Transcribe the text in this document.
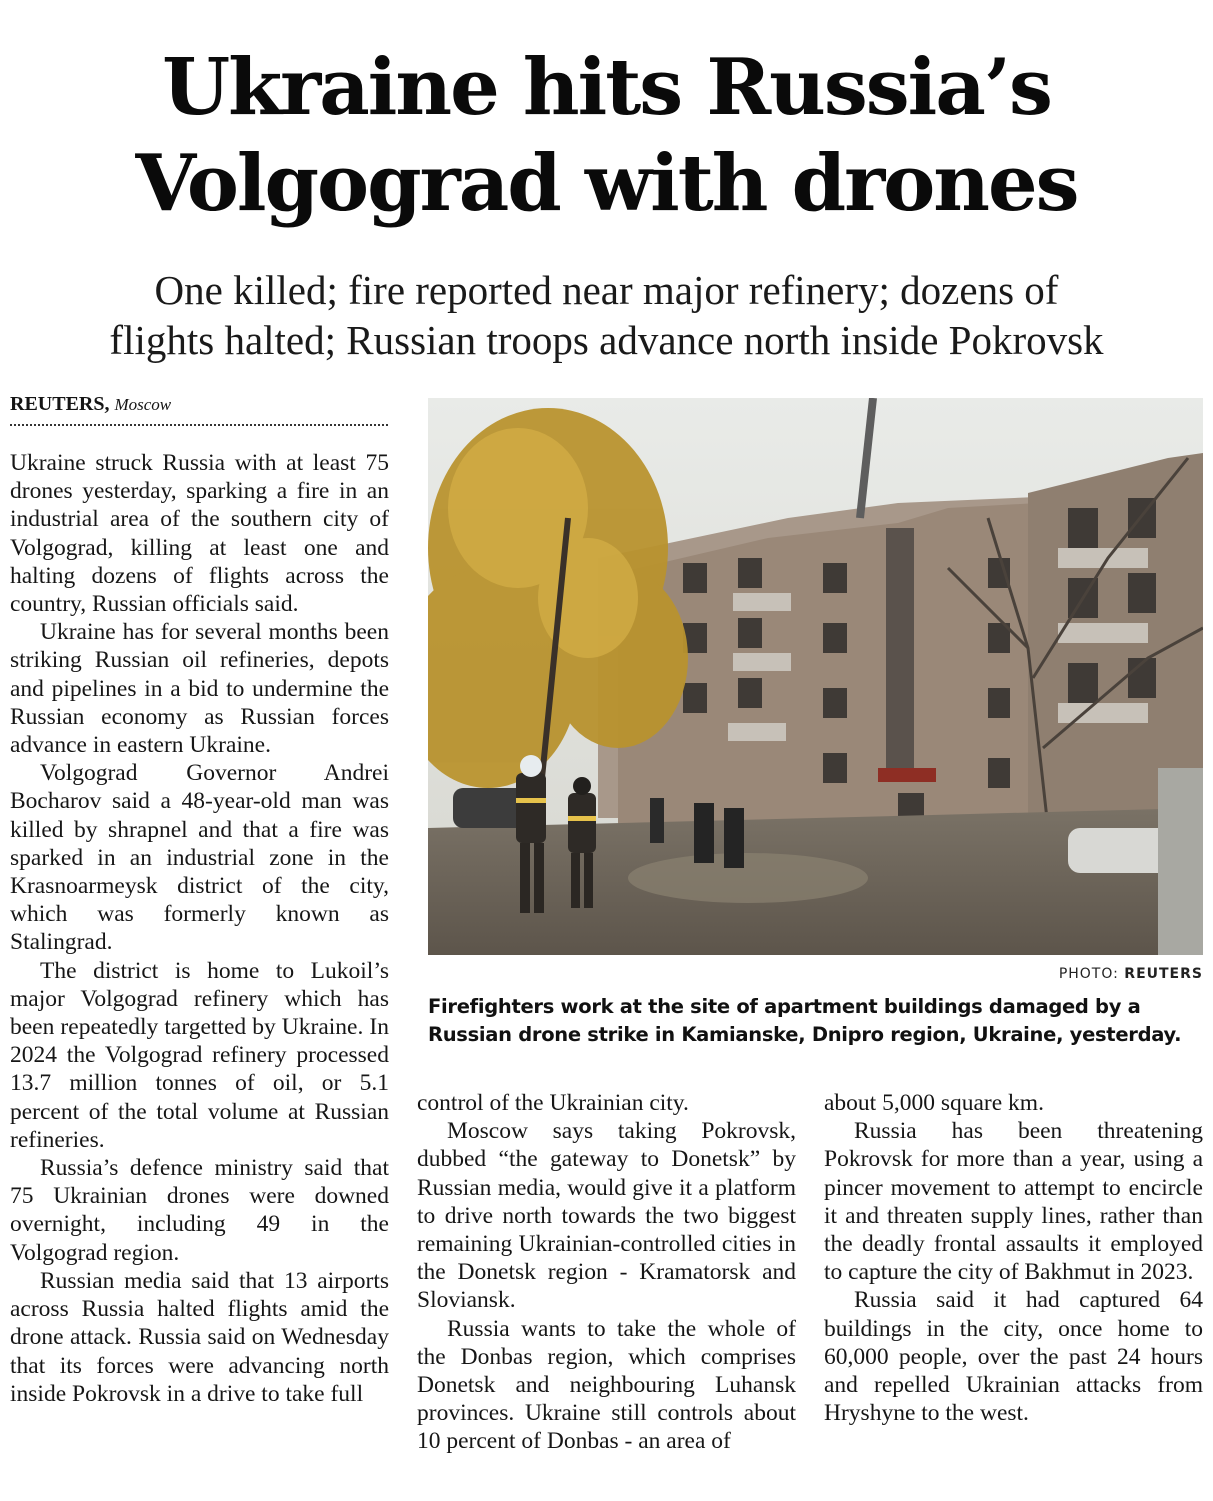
Ukraine hits Russia’s
Volgograd with drones
One killed; fire reported near major refinery; dozens of
flights halted; Russian troops advance north inside Pokrovsk
REUTERS, Moscow

Ukraine struck Russia with at least 75 drones yesterday, sparking a fire in an industrial area of the southern city of Volgograd, killing at least one and halting dozens of flights across the country, Russian officials said.

Ukraine has for several months been striking Russian oil refineries, depots and pipelines in a bid to undermine the Russian economy as Russian forces advance in eastern Ukraine.

Volgograd Governor Andrei Bocharov said a 48-year-old man was killed by shrapnel and that a fire was sparked in an industrial zone in the Krasnoarmeysk district of the city, which was formerly known as Stalingrad.

The district is home to Lukoil’s major Volgograd refinery which has been repeatedly targetted by Ukraine. In 2024 the Volgograd refinery processed 13.7 million tonnes of oil, or 5.1 percent of the total volume at Russian refineries.

Russia’s defence ministry said that 75 Ukrainian drones were downed overnight, including 49 in the Volgograd region.

Russian media said that 13 airports across Russia halted flights amid the drone attack. Russia said on Wednesday that its forces were advancing north inside Pokrovsk in a drive to take full

PHOTO: REUTERS
Firefighters work at the site of apartment buildings damaged by a
Russian drone strike in Kamianske, Dnipro region, Ukraine, yesterday.

control of the Ukrainian city.

Moscow says taking Pokrovsk, dubbed “the gateway to Donetsk” by Russian media, would give it a platform to drive north towards the two biggest remaining Ukrainian-controlled cities in the Donetsk region - Kramatorsk and Sloviansk.

Russia wants to take the whole of the Donbas region, which comprises Donetsk and neighbouring Luhansk provinces. Ukraine still controls about 10 percent of Donbas - an area of

about 5,000 square km.

Russia has been threatening Pokrovsk for more than a year, using a pincer movement to attempt to encircle it and threaten supply lines, rather than the deadly frontal assaults it employed to capture the city of Bakhmut in 2023.

Russia said it had captured 64 buildings in the city, once home to 60,000 people, over the past 24 hours and repelled Ukrainian attacks from Hryshyne to the west.
